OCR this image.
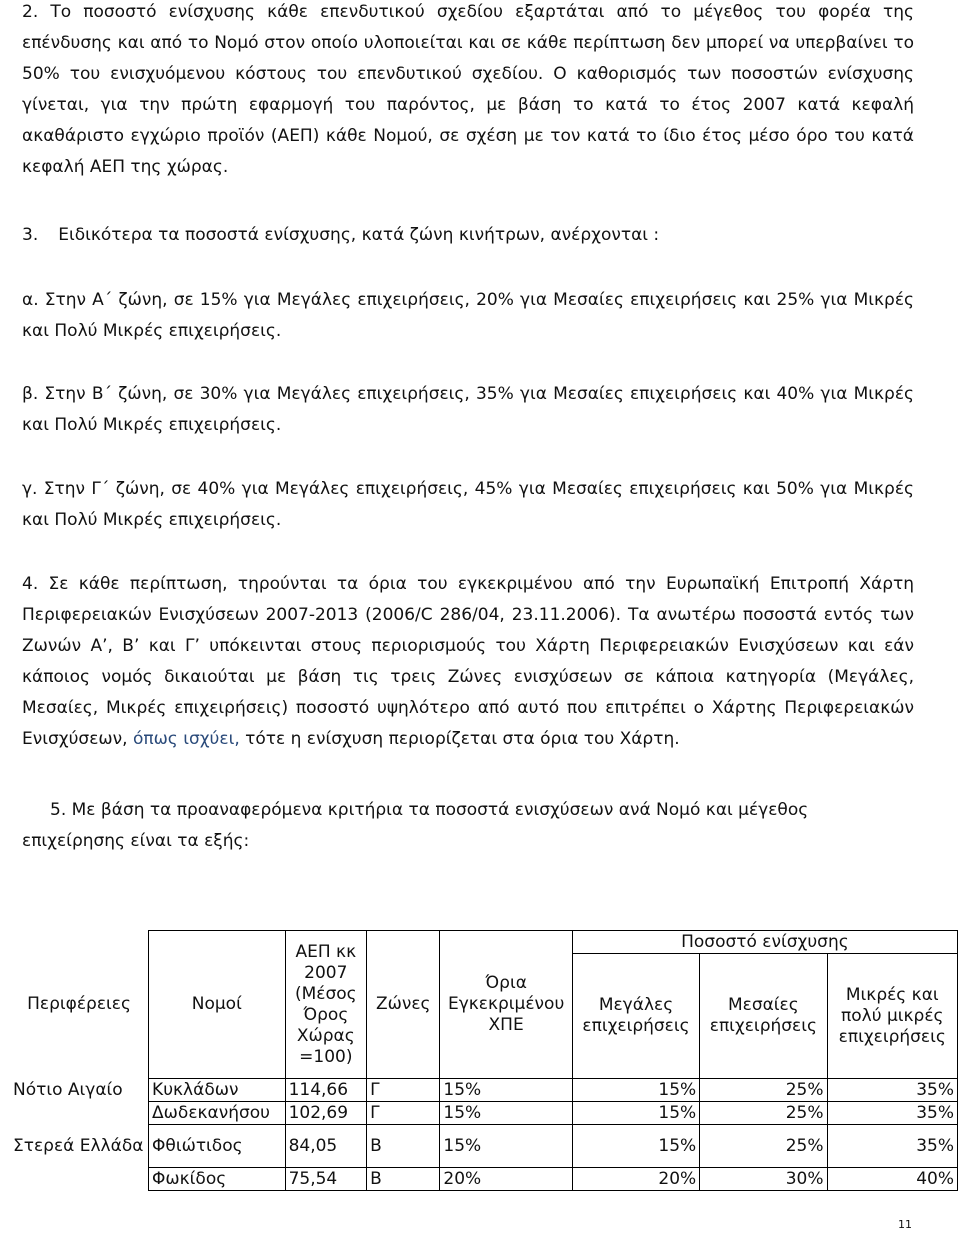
2. Το ποσοστό ενίσχυσης κάθε επενδυτικού σχεδίου εξαρτάται από το μέγεθος του φορέα της επένδυσης και από το Νομό στον οποίο υλοποιείται και σε κάθε περίπτωση δεν μπορεί να υπερβαίνει το 50% του ενισχυόμενου κόστους του επενδυτικού σχεδίου. Ο καθορισμός των ποσοστών ενίσχυσης γίνεται, για την πρώτη εφαρμογή του παρόντος, με βάση το κατά το έτος 2007 κατά κεφαλή ακαθάριστο εγχώριο προϊόν (ΑΕΠ) κάθε Νομού, σε σχέση με τον κατά το ίδιο έτος μέσο όρο του κατά κεφαλή ΑΕΠ της χώρας.

3. Ειδικότερα τα ποσοστά ενίσχυσης, κατά ζώνη κινήτρων, ανέρχονται :

α. Στην Α΄ ζώνη, σε 15% για Μεγάλες επιχειρήσεις, 20% για Μεσαίες επιχειρήσεις και 25% για Μικρές και Πολύ Μικρές επιχειρήσεις.

β. Στην Β΄ ζώνη, σε 30% για Μεγάλες επιχειρήσεις, 35% για Μεσαίες επιχειρήσεις και 40% για Μικρές και Πολύ Μικρές επιχειρήσεις.

γ. Στην Γ΄ ζώνη, σε 40% για Μεγάλες επιχειρήσεις, 45% για Μεσαίες επιχειρήσεις και 50% για Μικρές και Πολύ Μικρές επιχειρήσεις.

4. Σε κάθε περίπτωση, τηρούνται τα όρια του εγκεκριμένου από την Ευρωπαϊκή Επιτροπή Χάρτη Περιφερειακών Ενισχύσεων 2007-2013 (2006/C 286/04, 23.11.2006). Τα ανωτέρω ποσοστά εντός των Ζωνών Α’, Β’ και Γ’ υπόκεινται στους περιορισμούς του Χάρτη Περιφερειακών Ενισχύσεων και εάν κάποιος νομός δικαιούται με βάση τις τρεις Ζώνες ενισχύσεων σε κάποια κατηγορία (Μεγάλες, Μεσαίες, Μικρές επιχειρήσεις) ποσοστό υψηλότερο από αυτό που επιτρέπει ο Χάρτης Περιφερειακών Ενισχύσεων, όπως ισχύει, τότε η ενίσχυση περιορίζεται στα όρια του Χάρτη.

5. Με βάση τα προαναφερόμενα κριτήρια τα ποσοστά ενισχύσεων ανά Νομό και μέγεθος
επιχείρησης είναι τα εξής:

Περιφέρειες	Νομοί	ΑΕΠ κκ 2007 (Μέσος Όρος Χώρας =100)	Ζώνες	Όρια Εγκεκριμένου ΧΠΕ	Ποσοστό ενίσχυσης		
					Μεγάλες επιχειρήσεις	Μεσαίες επιχειρήσεις	Μικρές και πολύ μικρές επιχειρήσεις
Νότιο Αιγαίο	Κυκλάδων	114,66	Γ	15%	15%	25%	35%
	Δωδεκανήσου	102,69	Γ	15%	15%	25%	35%
Στερεά Ελλάδα	Φθιώτιδος	84,05	Β	15%	15%	25%	35%
	Φωκίδος	75,54	Β	20%	20%	30%	40%
11
